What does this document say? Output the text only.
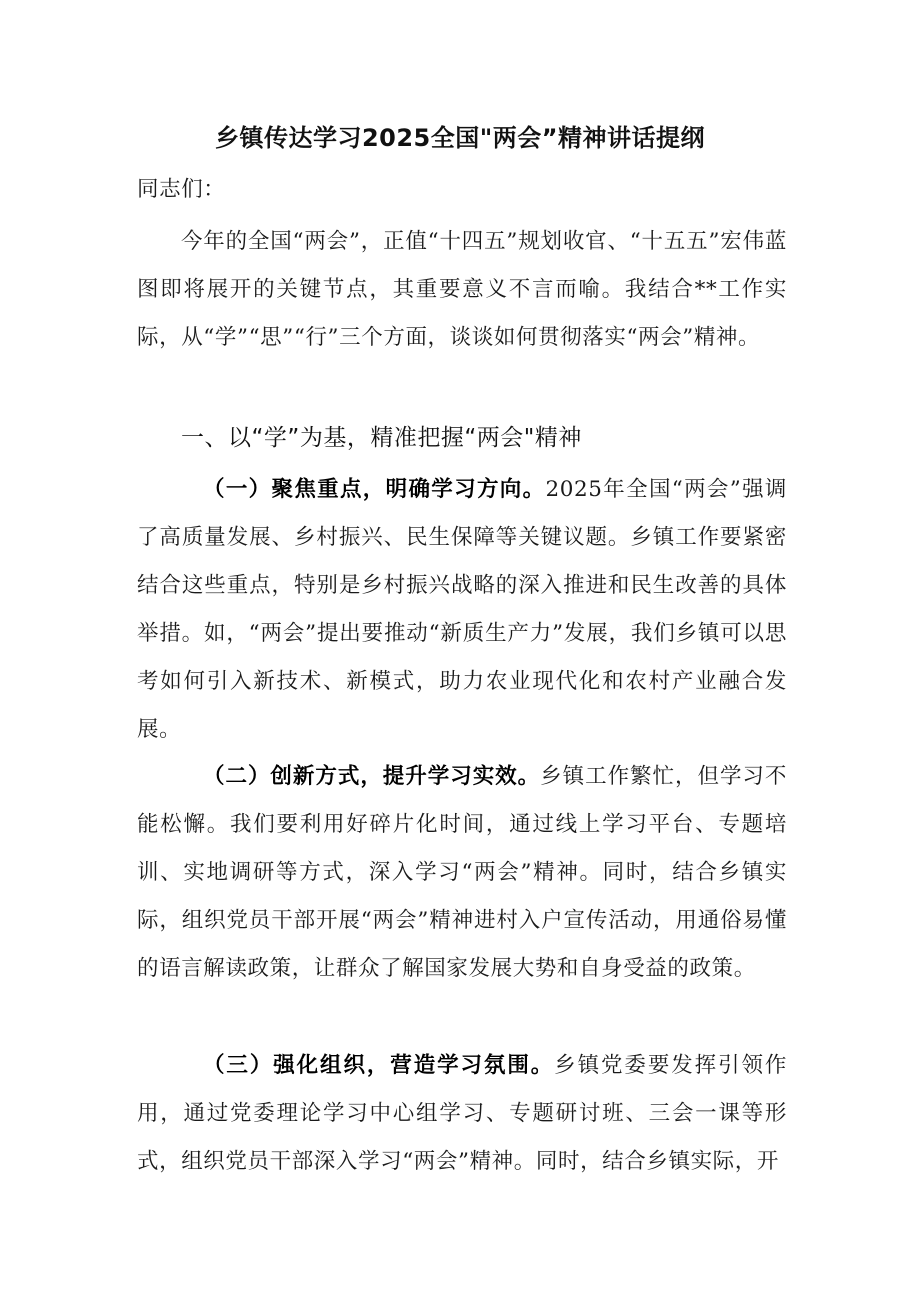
乡镇传达学习2025全国"两会”精神讲话提纲
同志们：
今年的全国“两会”，正值“十四五”规划收官、“十五五”宏伟蓝图即将展开的关键节点，其重要意义不言而喻。我结合**工作实际，从“学”“思”“行”三个方面，谈谈如何贯彻落实“两会”精神。
一、以“学”为基，精准把握“两会"精神
（一）聚焦重点，明确学习方向。2025年全国“两会”强调了高质量发展、乡村振兴、民生保障等关键议题。乡镇工作要紧密结合这些重点，特别是乡村振兴战略的深入推进和民生改善的具体举措。如，“两会”提出要推动“新质生产力”发展，我们乡镇可以思考如何引入新技术、新模式，助力农业现代化和农村产业融合发展。
（二）创新方式，提升学习实效。乡镇工作繁忙，但学习不能松懈。我们要利用好碎片化时间，通过线上学习平台、专题培训、实地调研等方式，深入学习“两会”精神。同时，结合乡镇实际，组织党员干部开展“两会”精神进村入户宣传活动，用通俗易懂的语言解读政策，让群众了解国家发展大势和自身受益的政策。
（三）强化组织，营造学习氛围。乡镇党委要发挥引领作用，通过党委理论学习中心组学习、专题研讨班、三会一课等形式，组织党员干部深入学习“两会”精神。同时，结合乡镇实际，开
